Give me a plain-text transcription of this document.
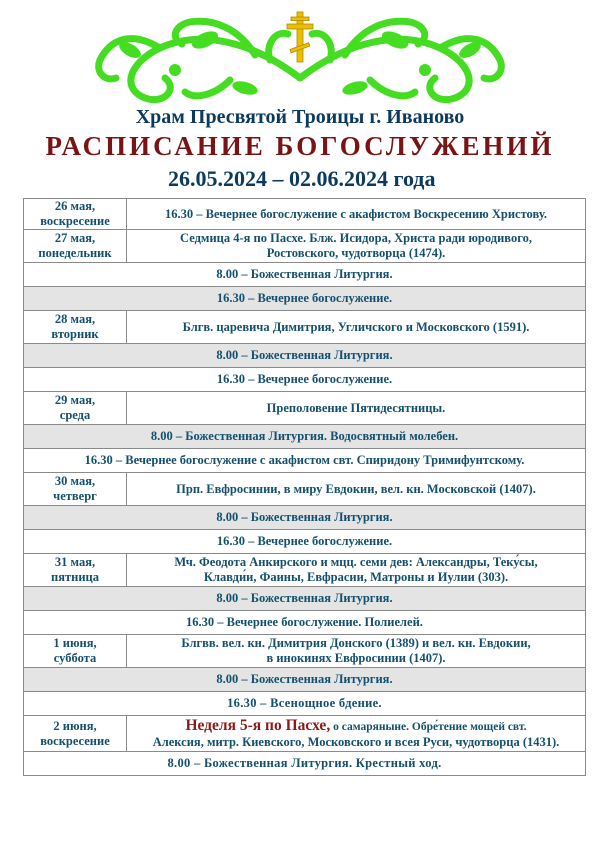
Храм Пресвятой Троицы г. Иваново
РАСПИСАНИЕ БОГОСЛУЖЕНИЙ
26.05.2024 – 02.06.2024 года
26 мая,
воскресение	16.30 – Вечернее богослужение с акафистом Воскресению Христову.
27 мая,
понедельник	Седмица 4-я по Пасхе. Блж. Исидора, Христа ради юродивого,
Ростовского, чудотворца (1474).
8.00 – Божественная Литургия.	
16.30 – Вечернее богослужение.	
28 мая,
вторник	Блгв. царевича Димитрия, Угличского и Московского (1591).
8.00 – Божественная Литургия.	
16.30 – Вечернее богослужение.	
29 мая,
среда	Преполовение Пятидесятницы.
8.00 – Божественная Литургия. Водосвятный молебен.	
16.30 – Вечернее богослужение с акафистом свт. Спиридону Тримифунтскому.	
30 мая,
четверг	Прп. Евфросинии, в миру Евдокии, вел. кн. Московской (1407).
8.00 – Божественная Литургия.	
16.30 – Вечернее богослужение.	
31 мая,
пятница	Мч. Феодота Анкирского и мцц. семи дев: Александры, Теку́сы,
Клавди́и, Фаины, Евфрасии, Матроны и Иулии (303).
8.00 – Божественная Литургия.	
16.30 – Вечернее богослужение. Полиелей.	
1 июня,
суббота	Блгвв. вел. кн. Димитрия Донского (1389) и вел. кн. Евдокии,
в инокинях Евфросинии (1407).
8.00 – Божественная Литургия.	
16.30 – Всенощное бдение.	
2 июня,
воскресение	Неделя 5-я по Пасхе, о самаряныне. Обре́тение мощей свт.
Алексия, митр. Киевского, Московского и всея Руси, чудотворца (1431).
8.00 – Божественная Литургия. Крестный ход.	
